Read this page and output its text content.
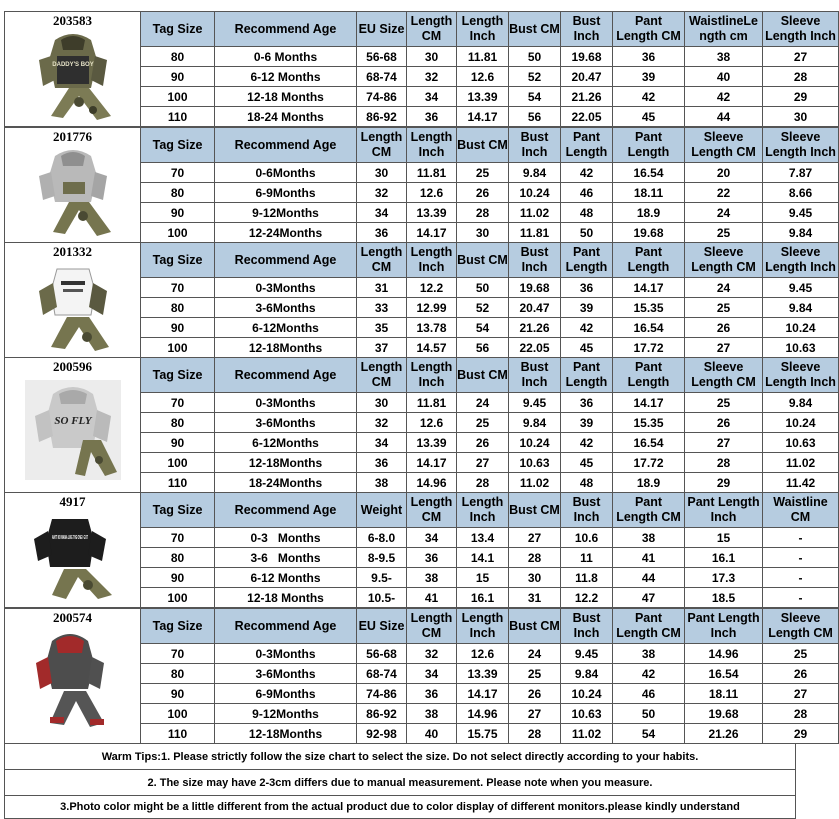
203583
DADDY'S BOY	Tag Size	Recommend Age	EU Size	Length CM	Length Inch	Bust CM	Bust Inch	Pant Length CM	WaistlineLe ngth cm	Sleeve Length Inch
	80	0-6 Months	56-68	30	11.81	50	19.68	36	38	27
	90	6-12 Months	68-74	32	12.6	52	20.47	39	40	28
	100	12-18 Months	74-86	34	13.39	54	21.26	42	42	29
	110	18-24 Months	86-92	36	14.17	56	22.05	45	44	30
201776	Tag Size	Recommend Age	Length CM	Length Inch	Bust CM	Bust Inch	Pant Length	Pant Length	Sleeve Length CM	Sleeve Length Inch
	70	0-6Months	30	11.81	25	9.84	42	16.54	20	7.87
	80	6-9Months	32	12.6	26	10.24	46	18.11	22	8.66
	90	9-12Months	34	13.39	28	11.02	48	18.9	24	9.45
	100	12-24Months	36	14.17	30	11.81	50	19.68	25	9.84
201332	Tag Size	Recommend Age	Length CM	Length Inch	Bust CM	Bust Inch	Pant Length	Pant Length	Sleeve Length CM	Sleeve Length Inch
	70	0-3Months	31	12.2	50	19.68	36	14.17	24	9.45
	80	3-6Months	33	12.99	52	20.47	39	15.35	25	9.84
	90	6-12Months	35	13.78	54	21.26	42	16.54	26	10.24
	100	12-18Months	37	14.57	56	22.05	45	17.72	27	10.63
200596
SO FLY	Tag Size	Recommend Age	Length CM	Length Inch	Bust CM	Bust Inch	Pant Length	Pant Length	Sleeve Length CM	Sleeve Length Inch
	70	0-3Months	30	11.81	24	9.45	36	14.17	25	9.84
	80	3-6Months	32	12.6	25	9.84	39	15.35	26	10.24
	90	6-12Months	34	13.39	26	10.24	42	16.54	27	10.63
	100	12-18Months	36	14.17	27	10.63	45	17.72	28	11.02
	110	18-24Months	38	14.96	28	11.02	48	18.9	29	11.42
4917
AIN'T NO MAMA LIKE THE ONE I GOT	Tag Size	Recommend Age	Weight	Length CM	Length Inch	Bust CM	Bust Inch	Pant Length CM	Pant Length Inch	Waistline CM
	70	0-3   Months	6-8.0	34	13.4	27	10.6	38	15	-
	80	3-6   Months	8-9.5	36	14.1	28	11	41	16.1	-
	90	6-12 Months	9.5-	38	15	30	11.8	44	17.3	-
	100	12-18 Months	10.5-	41	16.1	31	12.2	47	18.5	-
200574	Tag Size	Recommend Age	EU Size	Length CM	Length Inch	Bust CM	Bust Inch	Pant Length CM	Pant Length Inch	Sleeve Length CM
	70	0-3Months	56-68	32	12.6	24	9.45	38	14.96	25
	80	3-6Months	68-74	34	13.39	25	9.84	42	16.54	26
	90	6-9Months	74-86	36	14.17	26	10.24	46	18.11	27
	100	9-12Months	86-92	38	14.96	27	10.63	50	19.68	28
	110	12-18Months	92-98	40	15.75	28	11.02	54	21.26	29
Warm Tips:1. Please strictly follow the size chart to select the size. Do not select directly according to your habits.
2. The size may have 2-3cm differs due to manual measurement. Please note when you measure.
3.Photo color might be a little different from the actual product due to color display of different monitors.please kindly understand
